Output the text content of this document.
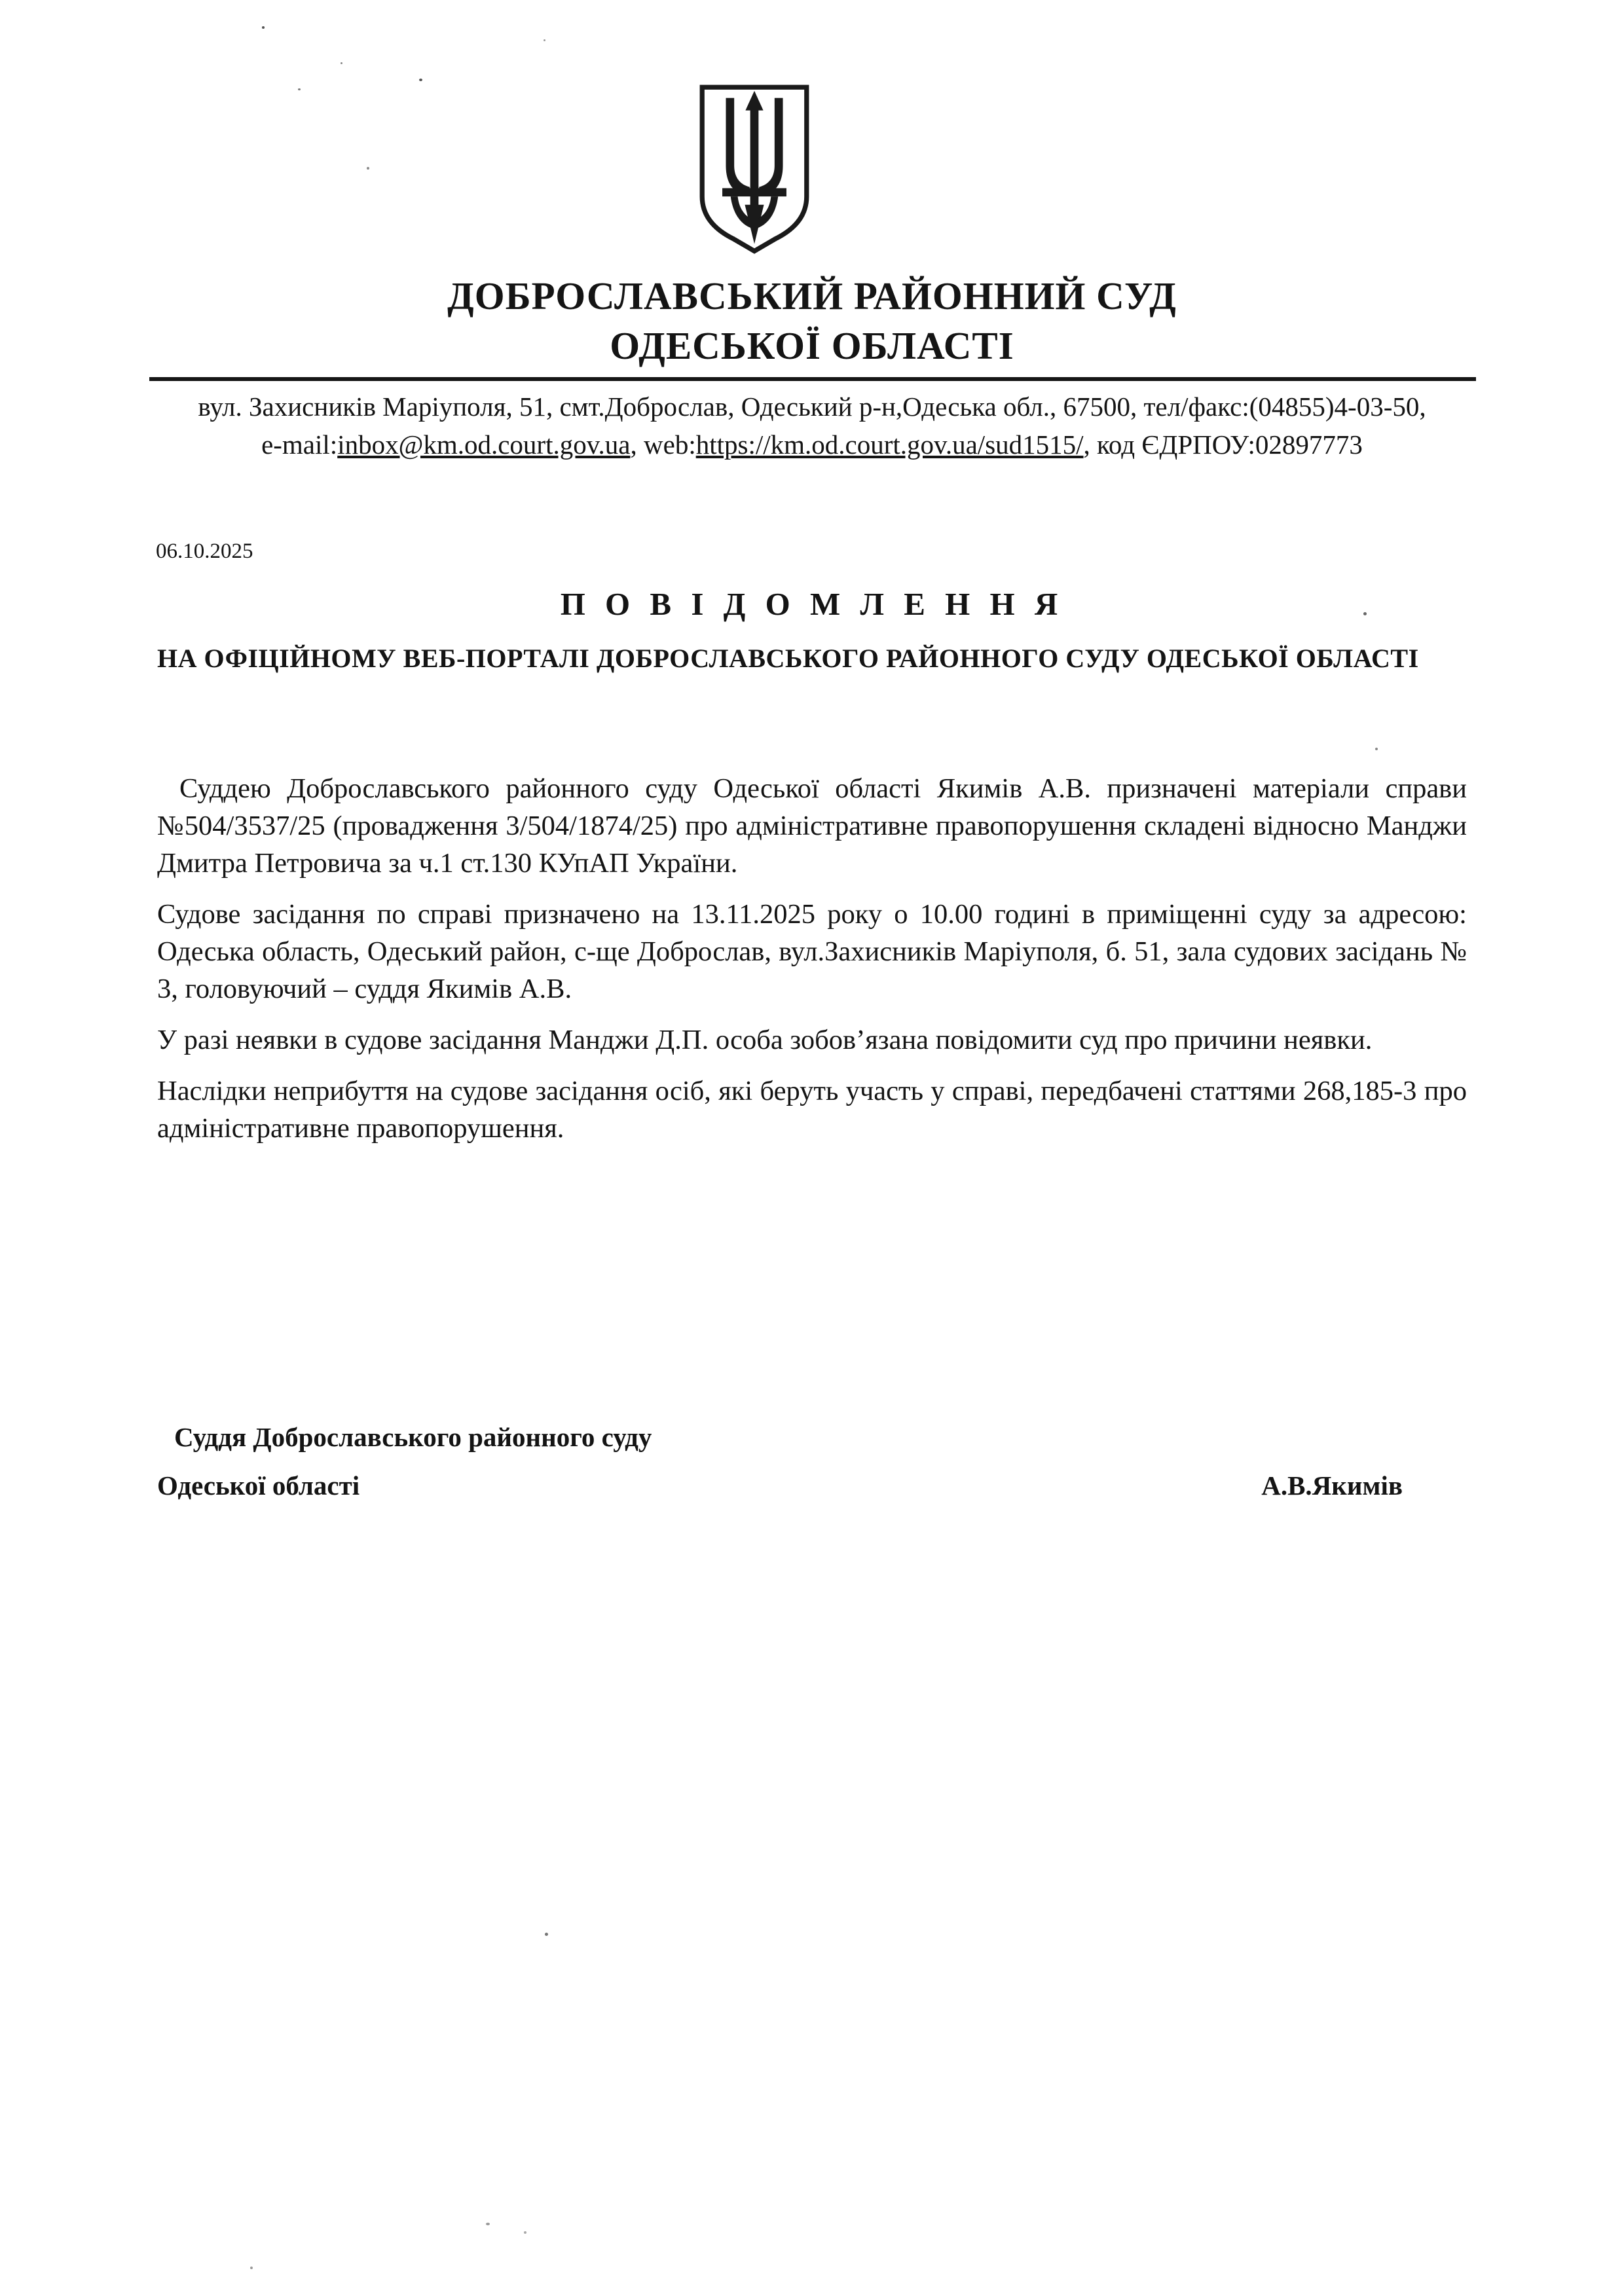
ДОБРОСЛАВСЬКИЙ РАЙОННИЙ СУД
ОДЕСЬКОЇ ОБЛАСТІ
вул. Захисників Маріуполя, 51, смт.Доброслав, Одеський р-н,Одеська обл., 67500, тел/факс:(04855)4-03-50,
e-mail:inbox@km.od.court.gov.ua, web:https://km.od.court.gov.ua/sud1515/, код ЄДРПОУ:02897773
06.10.2025
П О В І Д О М Л Е Н Н Я
НА ОФІЦІЙНОМУ ВЕБ-ПОРТАЛІ ДОБРОСЛАВСЬКОГО РАЙОННОГО СУДУ ОДЕСЬКОЇ ОБЛАСТІ

Суддею Доброславського районного суду Одеської області Якимів А.В. призначені матеріали справи №504/3537/25 (провадження 3/504/1874/25) про адміністративне правопорушення складені відносно Манджи Дмитра Петровича за ч.1 ст.130 КУпАП України.

Судове засідання по справі призначено на 13.11.2025 року о 10.00 годині в приміщенні суду за адресою: Одеська область, Одеський район, с-ще Доброслав, вул.Захисників Маріуполя, б. 51, зала судових засідань № 3, головуючий – суддя Якимів А.В.

У разі неявки в судове засідання Манджи Д.П. особа зобов’язана повідомити суд про причини неявки.

Наслідки неприбуття на судове засідання осіб, які беруть участь у справі, передбачені статтями 268,185-3 про адміністративне правопорушення.

Суддя Доброславського районного суду
Одеської області	А.В.Якимів
